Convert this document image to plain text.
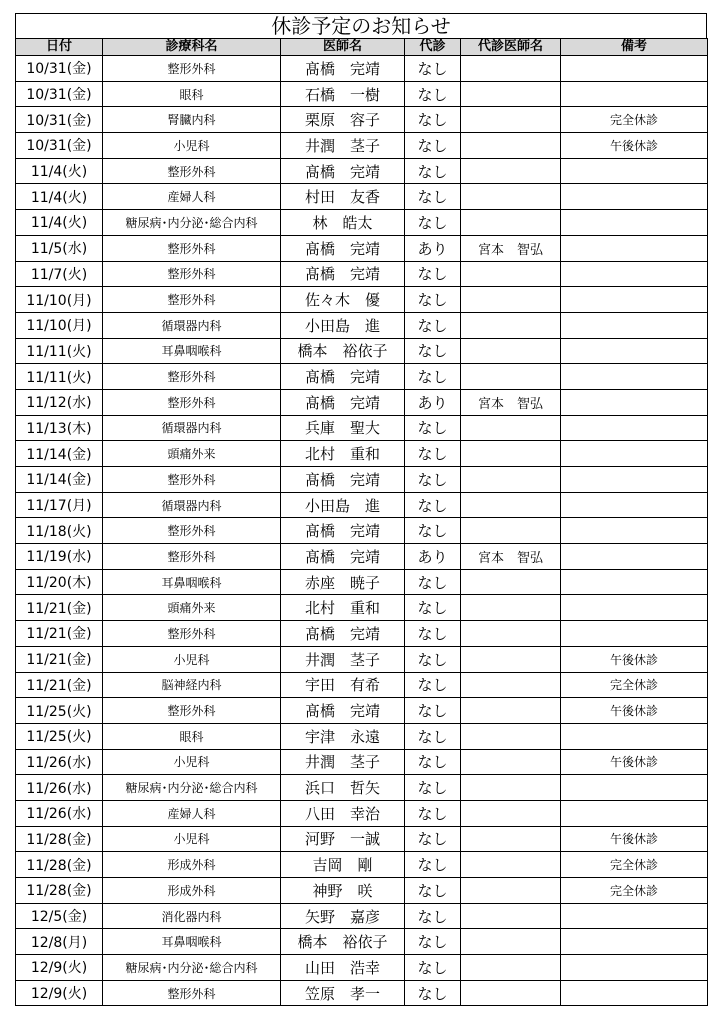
休診予定のお知らせ
日付	診療科名	医師名	代診	代診医師名	備考
10/31(金)	整形外科	髙橋　完靖	なし		
10/31(金)	眼科	石橋　一樹	なし		
10/31(金)	腎臓内科	栗原　容子	なし		完全休診
10/31(金)	小児科	井潤　茎子	なし		午後休診
11/4(火)	整形外科	髙橋　完靖	なし		
11/4(火)	産婦人科	村田　友香	なし		
11/4(火)	糖尿病･内分泌･総合内科	林　皓太	なし		
11/5(水)	整形外科	髙橋　完靖	あり	宮本　智弘	
11/7(火)	整形外科	髙橋　完靖	なし		
11/10(月)	整形外科	佐々木　優	なし		
11/10(月)	循環器内科	小田島　進	なし		
11/11(火)	耳鼻咽喉科	橋本　裕依子	なし		
11/11(火)	整形外科	髙橋　完靖	なし		
11/12(水)	整形外科	髙橋　完靖	あり	宮本　智弘	
11/13(木)	循環器内科	兵庫　聖大	なし		
11/14(金)	頭痛外来	北村　重和	なし		
11/14(金)	整形外科	髙橋　完靖	なし		
11/17(月)	循環器内科	小田島　進	なし		
11/18(火)	整形外科	髙橋　完靖	なし		
11/19(水)	整形外科	髙橋　完靖	あり	宮本　智弘	
11/20(木)	耳鼻咽喉科	赤座　暁子	なし		
11/21(金)	頭痛外来	北村　重和	なし		
11/21(金)	整形外科	髙橋　完靖	なし		
11/21(金)	小児科	井潤　茎子	なし		午後休診
11/21(金)	脳神経内科	宇田　有希	なし		完全休診
11/25(火)	整形外科	髙橋　完靖	なし		午後休診
11/25(火)	眼科	宇津　永遠	なし		
11/26(水)	小児科	井潤　茎子	なし		午後休診
11/26(水)	糖尿病･内分泌･総合内科	浜口　哲矢	なし		
11/26(水)	産婦人科	八田　幸治	なし		
11/28(金)	小児科	河野　一誠	なし		午後休診
11/28(金)	形成外科	吉岡　剛	なし		完全休診
11/28(金)	形成外科	神野　咲	なし		完全休診
12/5(金)	消化器内科	矢野　嘉彦	なし		
12/8(月)	耳鼻咽喉科	橋本　裕依子	なし		
12/9(火)	糖尿病･内分泌･総合内科	山田　浩幸	なし		
12/9(火)	整形外科	笠原　孝一	なし		
